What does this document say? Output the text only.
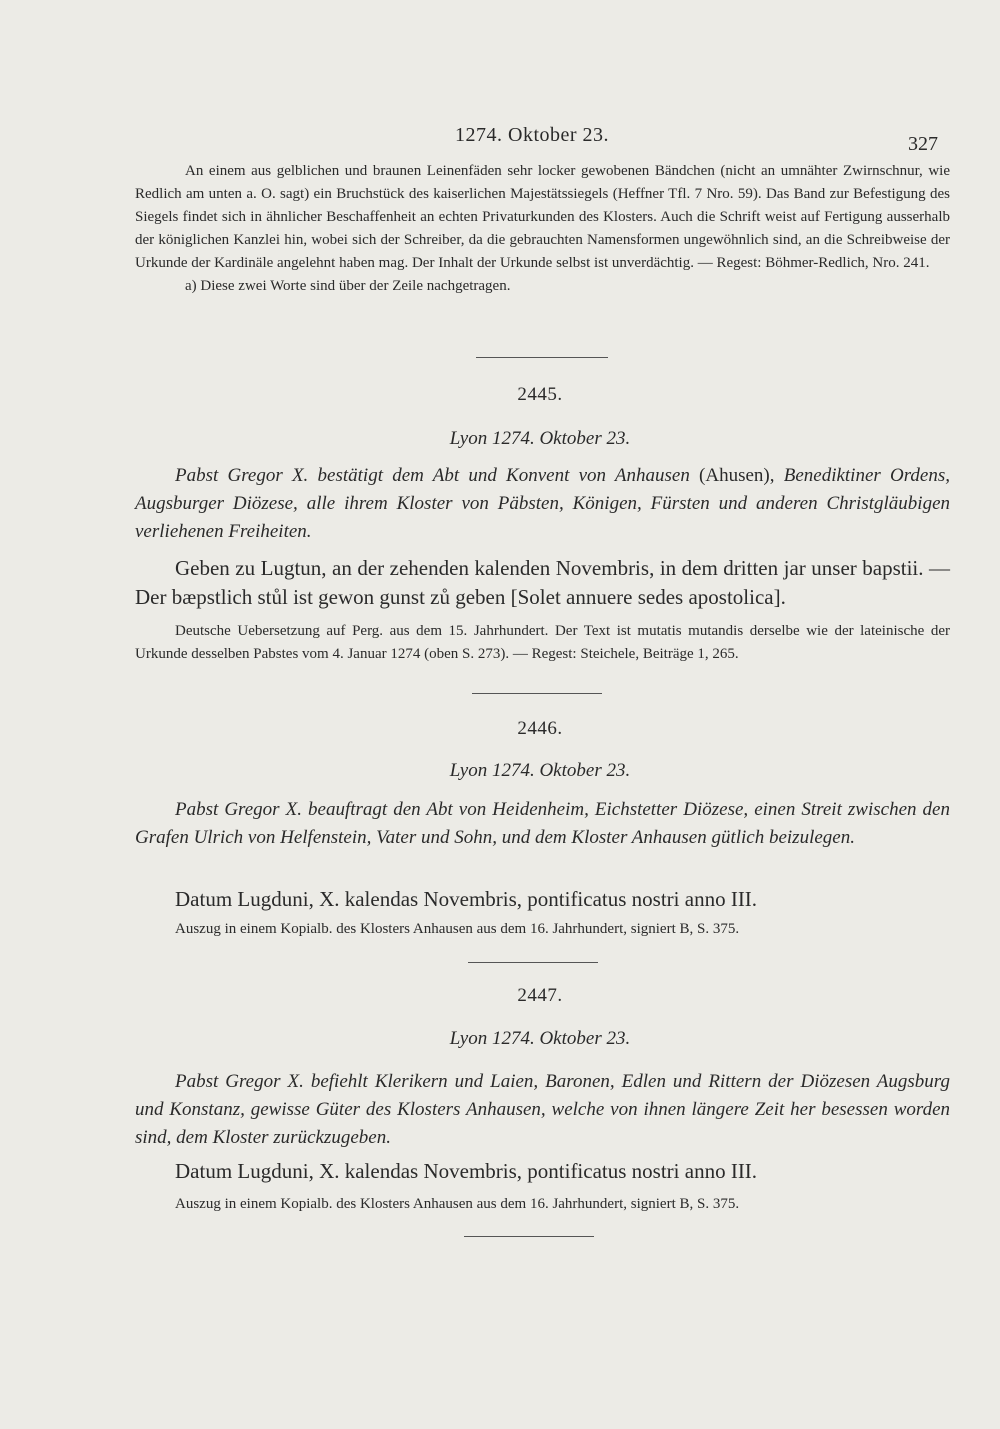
1274. Oktober 23.	327

An einem aus gelblichen und braunen Leinenfäden sehr locker gewobenen Bändchen (nicht an umnähter Zwirnschnur, wie Redlich am unten a. O. sagt) ein Bruchstück des kaiserlichen Majestätssiegels (Heffner Tfl. 7 Nro. 59). Das Band zur Befestigung des Siegels findet sich in ähnlicher Beschaffenheit an echten Privaturkunden des Klosters. Auch die Schrift weist auf Fertigung ausserhalb der königlichen Kanzlei hin, wobei sich der Schreiber, da die gebrauchten Namensformen ungewöhnlich sind, an die Schreibweise der Urkunde der Kardinäle angelehnt haben mag. Der Inhalt der Urkunde selbst ist unverdächtig. — Regest: Böhmer-Redlich, Nro. 241.

a) Diese zwei Worte sind über der Zeile nachgetragen.

2445.
Lyon 1274. Oktober 23.

Pabst Gregor X. bestätigt dem Abt und Konvent von Anhausen (Ahusen), Benediktiner Ordens, Augsburger Diözese, alle ihrem Kloster von Päbsten, Königen, Fürsten und anderen Christgläubigen verliehenen Freiheiten.

Geben zu Lugtun, an der zehenden kalenden Novembris, in dem dritten jar unser bapstii. — Der bæpstlich stůl ist gewon gunst zů geben [Solet annuere sedes apostolica].

Deutsche Uebersetzung auf Perg. aus dem 15. Jahrhundert. Der Text ist mutatis mutandis derselbe wie der lateinische der Urkunde desselben Pabstes vom 4. Januar 1274 (oben S. 273). — Regest: Steichele, Beiträge 1, 265.

2446.
Lyon 1274. Oktober 23.

Pabst Gregor X. beauftragt den Abt von Heidenheim, Eichstetter Diözese, einen Streit zwischen den Grafen Ulrich von Helfenstein, Vater und Sohn, und dem Kloster Anhausen gütlich beizulegen.

Datum Lugduni, X. kalendas Novembris, pontificatus nostri anno III.

Auszug in einem Kopialb. des Klosters Anhausen aus dem 16. Jahrhundert, signiert B, S. 375.

2447.
Lyon 1274. Oktober 23.

Pabst Gregor X. befiehlt Klerikern und Laien, Baronen, Edlen und Rittern der Diözesen Augsburg und Konstanz, gewisse Güter des Klosters Anhausen, welche von ihnen längere Zeit her besessen worden sind, dem Kloster zurückzugeben.

Datum Lugduni, X. kalendas Novembris, pontificatus nostri anno III.

Auszug in einem Kopialb. des Klosters Anhausen aus dem 16. Jahrhundert, signiert B, S. 375.
